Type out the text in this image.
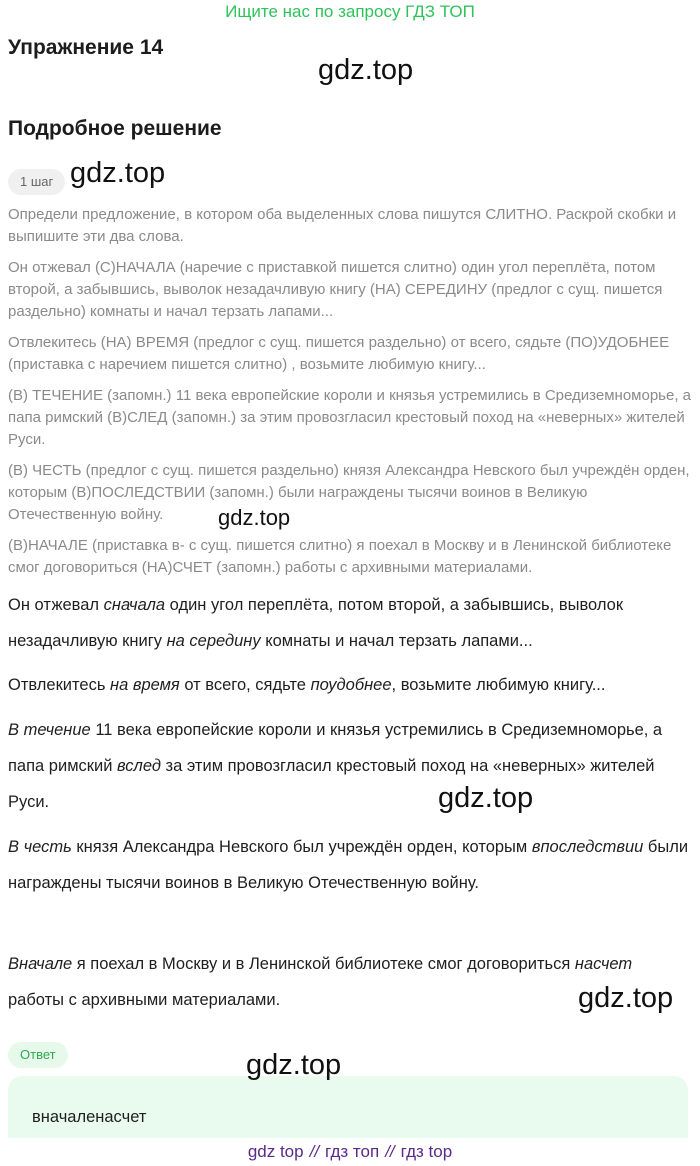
Ищите нас по запросу ГДЗ ТОП
Упражнение 14
gdz.top
Подробное решение
1 шаг gdz.top
Определи предложение, в котором оба выделенных слова пишутся СЛИТНО. Раскрой скобки и выпишите эти два слова.
Он отжевал (С)НАЧАЛА (наречие с приставкой пишется слитно) один угол переплёта, потом второй, а забывшись, выволок незадачливую книгу (НА) СЕРЕДИНУ (предлог с сущ. пишется раздельно) комнаты и начал терзать лапами...
Отвлекитесь (НА) ВРЕМЯ (предлог с сущ. пишется раздельно) от всего, сядьте (ПО)УДОБНЕЕ (приставка с наречием пишется слитно) , возьмите любимую книгу...
(В) ТЕЧЕНИЕ (запомн.) 11 века европейские короли и князья устремились в Средиземноморье, а папа римский (В)СЛЕД (запомн.) за этим провозгласил крестовый поход на «неверных» жителей Руси.
(В) ЧЕСТЬ (предлог с сущ. пишется раздельно) князя Александра Невского был учреждён орден, которым (В)ПОСЛЕДСТВИИ (запомн.) были награждены тысячи воинов в Великую Отечественную войну.	gdz.top
(В)НАЧАЛЕ (приставка в- с сущ. пишется слитно) я поехал в Москву и в Ленинской библиотеке смог договориться (НА)СЧЕТ (запомн.) работы с архивными материалами.
Он отжевал сначала один угол переплёта, потом второй, а забывшись, выволок незадачливую книгу на середину комнаты и начал терзать лапами...
Отвлекитесь на время от всего, сядьте поудобнее, возьмите любимую книгу...
В течение 11 века европейские короли и князья устремились в Средиземноморье, а папа римский вслед за этим провозгласил крестовый поход на «неверных» жителей Руси.	gdz.top
В честь князя Александра Невского был учреждён орден, которым впоследствии были награждены тысячи воинов в Великую Отечественную войну.
Вначале я поехал в Москву и в Ленинской библиотеке смог договориться насчет работы с архивными материалами.	gdz.top
Ответ
вначаленасчет
gdz.top
gdz top // гдз топ // гдз top
